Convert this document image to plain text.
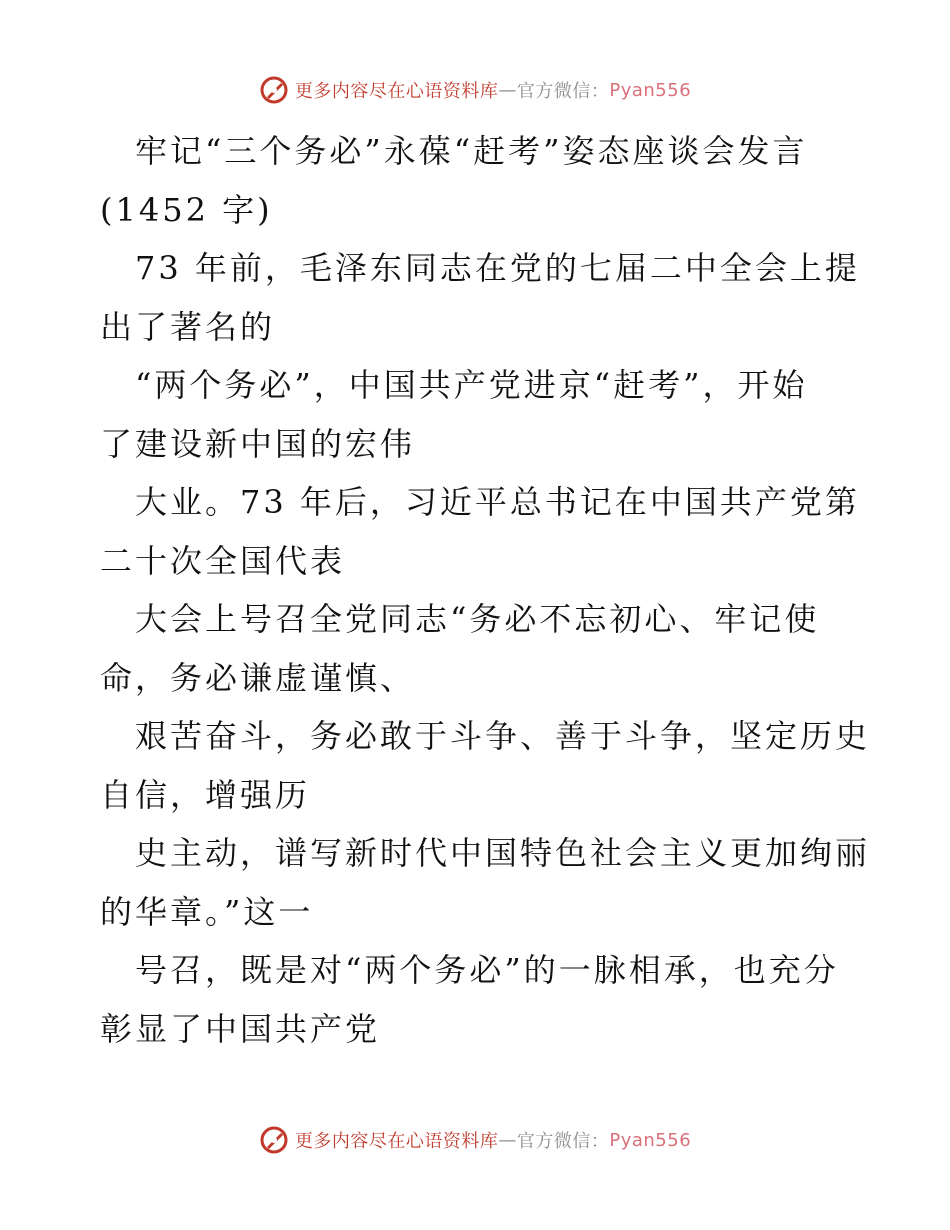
更多内容尽在心语资料库 — 官方微信： Pyan556
牢记“三个务必”永葆“赶考”姿态座谈会发言
(1452 字)
73 年前，毛泽东同志在党的七届二中全会上提
出了著名的
“两个务必”，中国共产党进京“赶考”，开始
了建设新中国的宏伟
大业。73 年后，习近平总书记在中国共产党第
二十次全国代表
大会上号召全党同志“务必不忘初心、牢记使
命，务必谦虚谨慎、
艰苦奋斗，务必敢于斗争、善于斗争，坚定历史
自信，增强历
史主动，谱写新时代中国特色社会主义更加绚丽
的华章。”这一
号召，既是对“两个务必”的一脉相承，也充分
彰显了中国共产党
更多内容尽在心语资料库 — 官方微信： Pyan556
